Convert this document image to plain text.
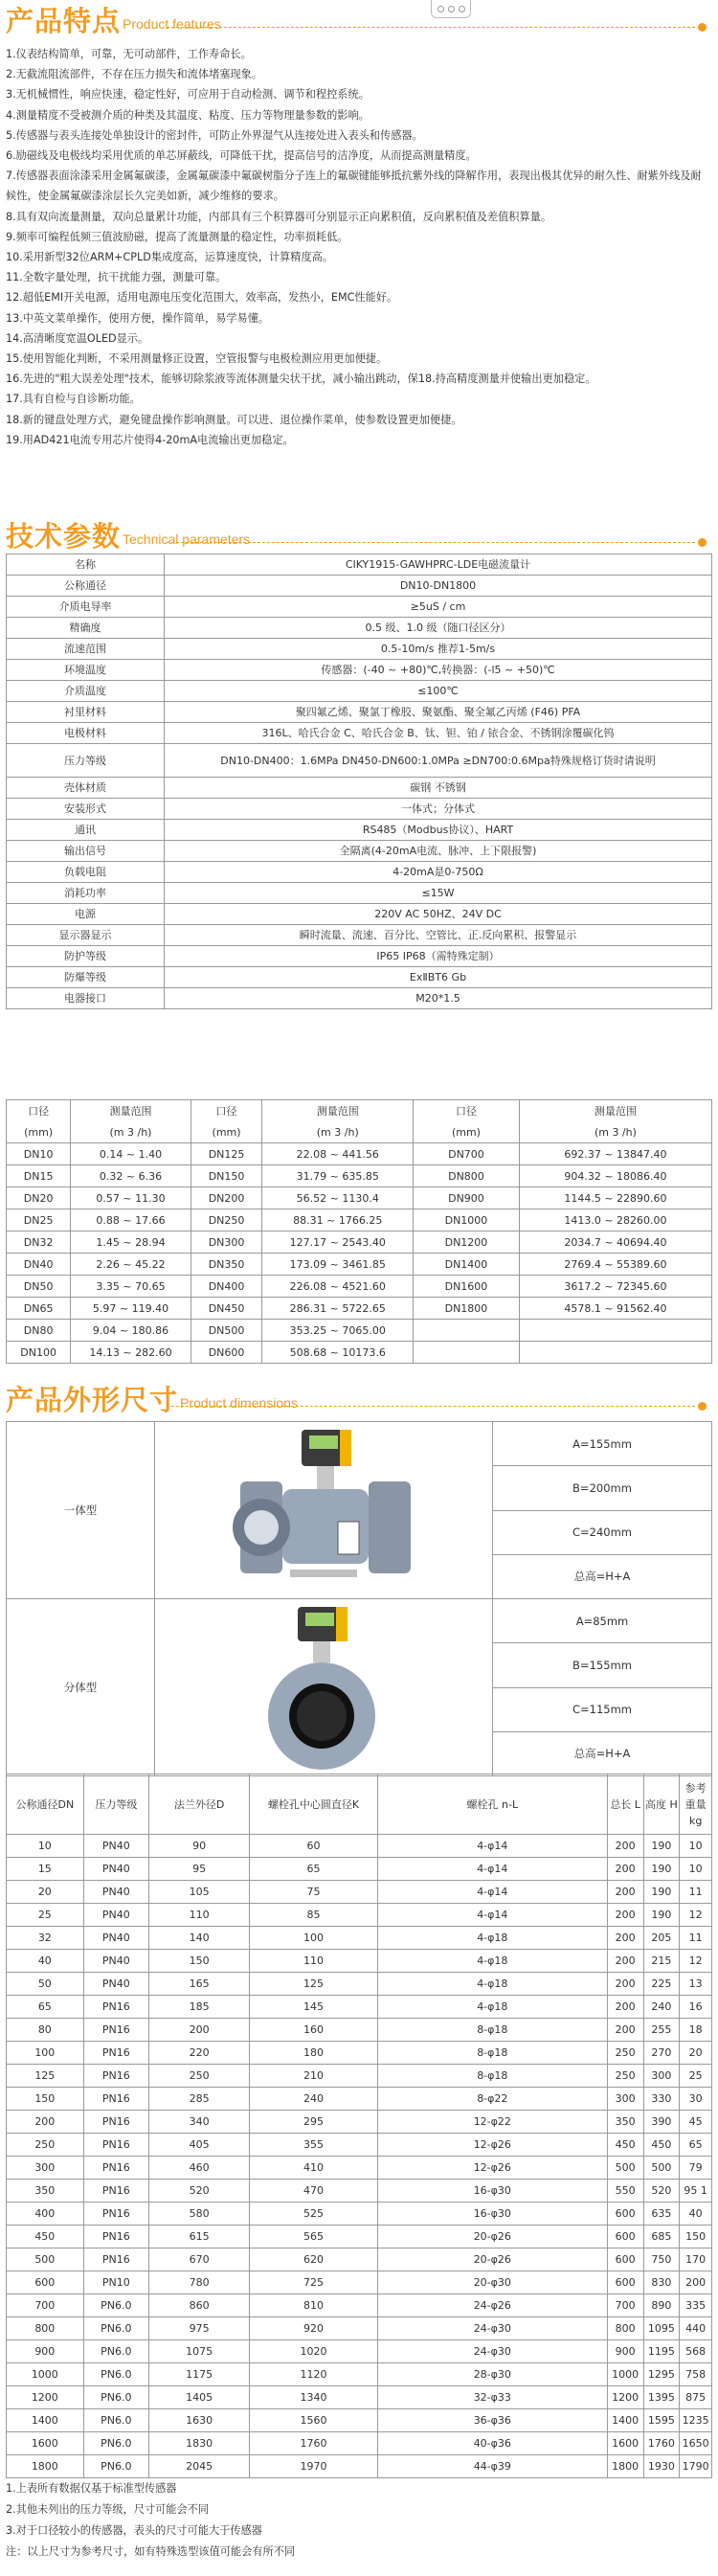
产品特点 Product features
1.仪表结构简单，可靠，无可动部件，工作寿命长。
2.无截流阻流部件，不存在压力损失和流体堵塞现象。
3.无机械惯性，响应快速，稳定性好，可应用于自动检测、调节和程控系统。
4.测量精度不受被测介质的种类及其温度、粘度、压力等物理量参数的影响。
5.传感器与表头连接处单独设计的密封件，可防止外界湿气从连接处进入表头和传感器。
6.励磁线及电极线均采用优质的单芯屏蔽线，可降低干扰，提高信号的洁净度，从而提高测量精度。
7.传感器表面涂漆采用金属氟碳漆，金属氟碳漆中氟碳树脂分子连上的氟碳键能够抵抗紫外线的降解作用，表现出极其优异的耐久性、耐紫外线及耐候性，使金属氟碳漆涂层长久完美如新，减少维修的要求。
8.具有双向流量测量，双向总量累计功能，内部具有三个积算器可分别显示正向累积值，反向累积值及差值积算量。
9.频率可编程低频三值波励磁，提高了流量测量的稳定性，功率损耗低。
10.采用新型32位ARM+CPLD集成度高，运算速度快，计算精度高。
11.全数字量处理，抗干扰能力强，测量可靠。
12.超低EMI开关电源，适用电源电压变化范围大，效率高，发热小，EMC性能好。
13.中英文菜单操作，使用方便，操作简单，易学易懂。
14.高清晰度宽温OLED显示。
15.使用智能化判断，不采用测量修正设置，空管报警与电极检测应用更加便捷。
16.先进的"粗大误差处理"技术，能够切除浆液等流体测量尖状干扰，减小输出跳动，保18.持高精度测量并使输出更加稳定。
17.具有自检与自诊断功能。
18.新的键盘处理方式，避免键盘操作影响测量。可以进、退位操作菜单，使参数设置更加便捷。
19.用AD421电流专用芯片使得4-20mA电流输出更加稳定。
技术参数 Technical parameters
名称	CIKY1915-GAWHPRC-LDE电磁流量计
公称通径	DN10-DN1800
介质电导率	≥5uS / cm
精确度	0.5 级、1.0 级（随口径区分）
流速范围	0.5-10m/s 推荐1-5m/s
环境温度	传感器：(-40 ~ +80)℃,转换器：(-l5 ~ +50)℃
介质温度	≤100℃
衬里材料	聚四氟乙烯、聚氯丁橡胶、聚氨酯、聚全氟乙丙烯 (F46) PFA
电极材料	316L、哈氏合金 C、哈氏合金 B、钛、钽、铂 / 铱合金、不锈钢涂覆碳化钨
压力等级	DN10-DN400：1.6MPa DN450-DN600:1.0MPa ≥DN700:0.6Mpa特殊规格订货时请说明
壳体材质	碳钢 不锈钢
安装形式	一体式；分体式
通讯	RS485（Modbus协议）、HART
输出信号	全隔离(4-20mA电流、脉冲、上下限报警)
负载电阻	4-20mA是0-750Ω
消耗功率	≤15W
电源	220V AC 50HZ、24V DC
显示器显示	瞬时流量、流速、百分比、空管比、正.反向累积、报警显示
防护等级	IP65 IP68（需特殊定制）
防爆等级	ExⅡBT6 Gb
电器接口	M20*1.5
口径	测量范围	口径	测量范围	口径	测量范围
(mm)	(m 3 /h)	(mm)	(m 3 /h)	(mm)	(m 3 /h)
DN10	0.14 ~ 1.40	DN125	22.08 ~ 441.56	DN700	692.37 ~ 13847.40
DN15	0.32 ~ 6.36	DN150	31.79 ~ 635.85	DN800	904.32 ~ 18086.40
DN20	0.57 ~ 11.30	DN200	56.52 ~ 1130.4	DN900	1144.5 ~ 22890.60
DN25	0.88 ~ 17.66	DN250	88.31 ~ 1766.25	DN1000	1413.0 ~ 28260.00
DN32	1.45 ~ 28.94	DN300	127.17 ~ 2543.40	DN1200	2034.7 ~ 40694.40
DN40	2.26 ~ 45.22	DN350	173.09 ~ 3461.85	DN1400	2769.4 ~ 55389.60
DN50	3.35 ~ 70.65	DN400	226.08 ~ 4521.60	DN1600	3617.2 ~ 72345.60
DN65	5.97 ~ 119.40	DN450	286.31 ~ 5722.65	DN1800	4578.1 ~ 91562.40
DN80	9.04 ~ 180.86	DN500	353.25 ~ 7065.00		
DN100	14.13 ~ 282.60	DN600	508.68 ~ 10173.6		
产品外形尺寸 Product dimensions
一体型		A=155mm
		B=200mm
		C=240mm
		总高=H+A
分体型		A=85mm
		B=155mm
		C=115mm
		总高=H+A
公称通径DN	压力等级	法兰外径D	螺栓孔中心圆直径K	螺栓孔 n-L	总长 L	高度 H	参考重量 kg
10	PN40	90	60	4-φ14	200	190	10
15	PN40	95	65	4-φ14	200	190	10
20	PN40	105	75	4-φ14	200	190	11
25	PN40	110	85	4-φ14	200	190	12
32	PN40	140	100	4-φ18	200	205	11
40	PN40	150	110	4-φ18	200	215	12
50	PN40	165	125	4-φ18	200	225	13
65	PN16	185	145	4-φ18	200	240	16
80	PN16	200	160	8-φ18	200	255	18
100	PN16	220	180	8-φ18	250	270	20
125	PN16	250	210	8-φ18	250	300	25
150	PN16	285	240	8-φ22	300	330	30
200	PN16	340	295	12-φ22	350	390	45
250	PN16	405	355	12-φ26	450	450	65
300	PN16	460	410	12-φ26	500	500	79
350	PN16	520	470	16-φ30	550	520	95 1
400	PN16	580	525	16-φ30	600	635	40
450	PN16	615	565	20-φ26	600	685	150
500	PN16	670	620	20-φ26	600	750	170
600	PN10	780	725	20-φ30	600	830	200
700	PN6.0	860	810	24-φ26	700	890	335
800	PN6.0	975	920	24-φ30	800	1095	440
900	PN6.0	1075	1020	24-φ30	900	1195	568
1000	PN6.0	1175	1120	28-φ30	1000	1295	758
1200	PN6.0	1405	1340	32-φ33	1200	1395	875
1400	PN6.0	1630	1560	36-φ36	1400	1595	1235
1600	PN6.0	1830	1760	40-φ36	1600	1760	1650
1800	PN6.0	2045	1970	44-φ39	1800	1930	1790
1.上表所有数据仅基于标准型传感器
2.其他未列出的压力等级，尺寸可能会不同
3.对于口径较小的传感器，表头的尺寸可能大于传感器
注：以上尺寸为参考尺寸，如有特殊选型该值可能会有所不同
